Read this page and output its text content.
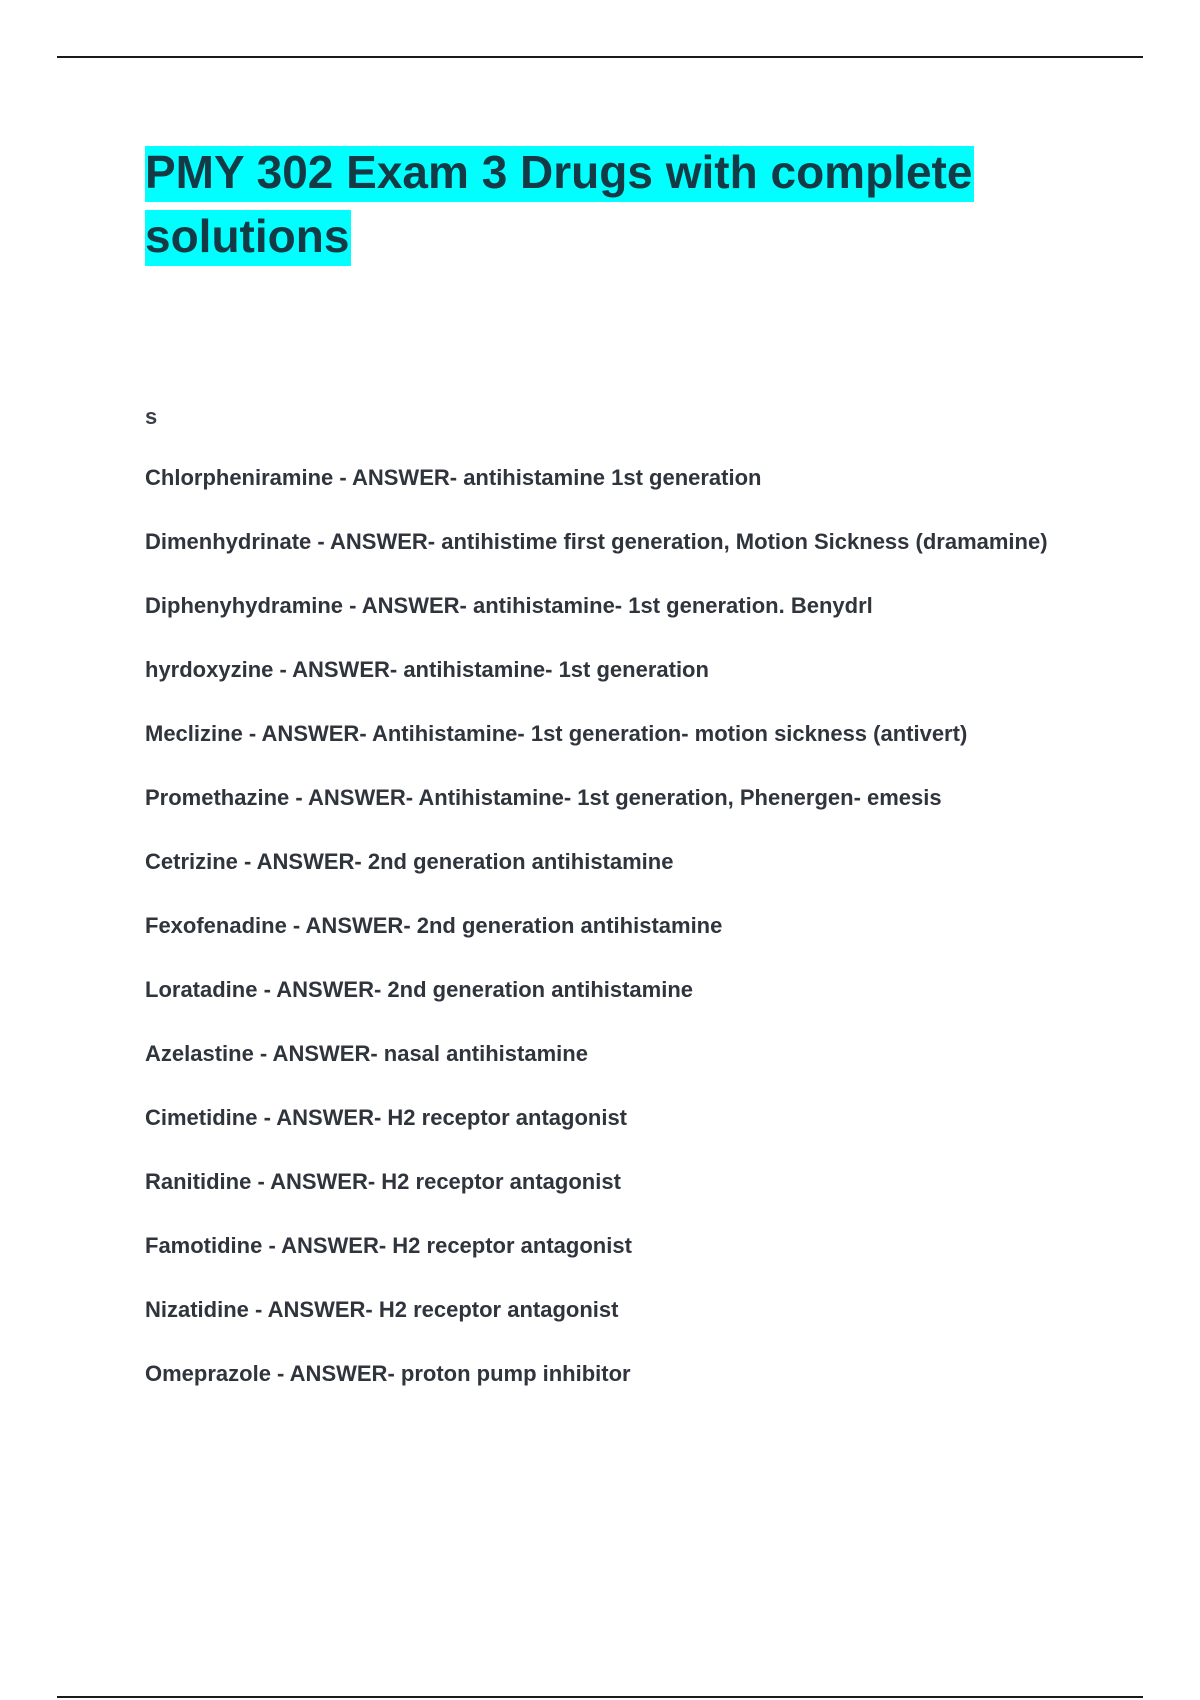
PMY 302 Exam 3 Drugs with complete solutions
s
Chlorpheniramine - ANSWER- antihistamine 1st generation
Dimenhydrinate - ANSWER- antihistime first generation, Motion Sickness (dramamine)
Diphenyhydramine - ANSWER- antihistamine- 1st generation. Benydrl
hyrdoxyzine - ANSWER- antihistamine- 1st generation
Meclizine - ANSWER- Antihistamine- 1st generation- motion sickness (antivert)
Promethazine - ANSWER- Antihistamine- 1st generation, Phenergen- emesis
Cetrizine - ANSWER- 2nd generation antihistamine
Fexofenadine - ANSWER- 2nd generation antihistamine
Loratadine - ANSWER- 2nd generation antihistamine
Azelastine - ANSWER- nasal antihistamine
Cimetidine - ANSWER- H2 receptor antagonist
Ranitidine - ANSWER- H2 receptor antagonist
Famotidine - ANSWER- H2 receptor antagonist
Nizatidine - ANSWER- H2 receptor antagonist
Omeprazole - ANSWER- proton pump inhibitor
